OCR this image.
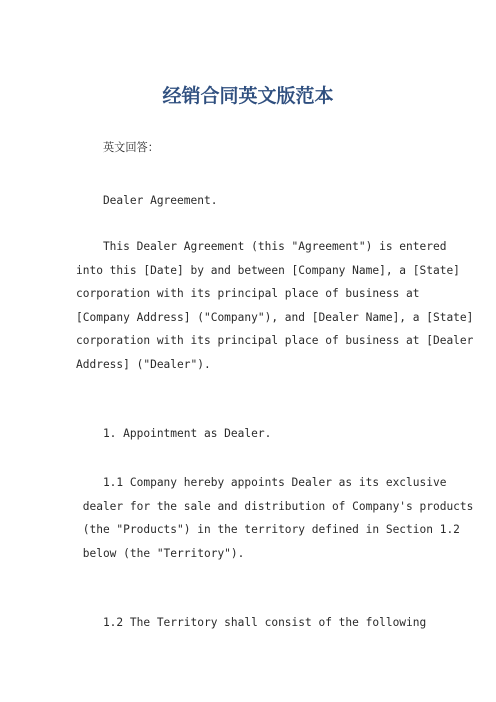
经销合同英文版范本
英文回答：
Dealer Agreement.
This Dealer Agreement (this "Agreement") is entered
into this [Date] by and between [Company Name], a [State]
corporation with its principal place of business at
[Company Address] ("Company"), and [Dealer Name], a [State]
corporation with its principal place of business at [Dealer
Address] ("Dealer").
1. Appointment as Dealer.
1.1 Company hereby appoints Dealer as its exclusive
dealer for the sale and distribution of Company's products
(the "Products") in the territory defined in Section 1.2
below (the "Territory").
1.2 The Territory shall consist of the following
